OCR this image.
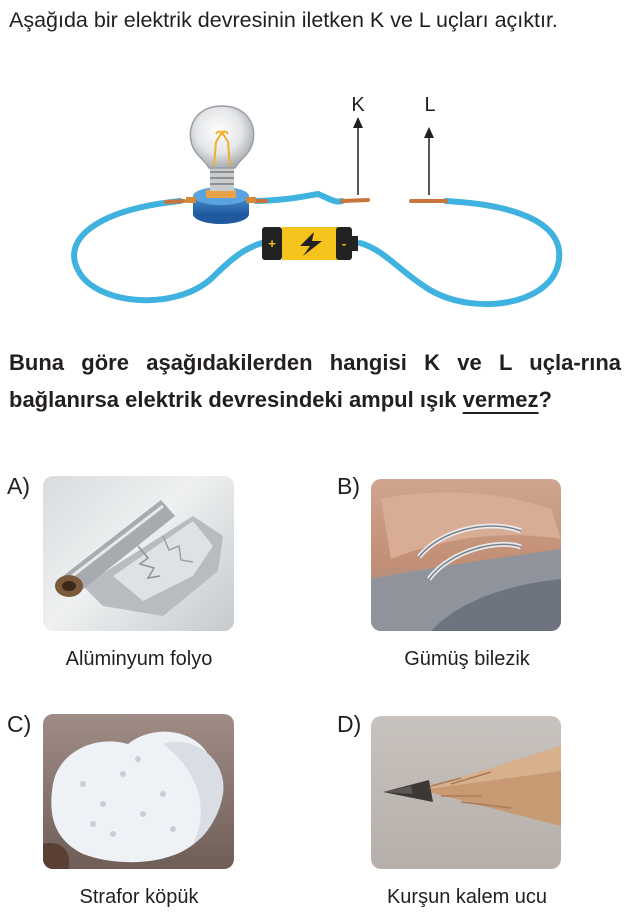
Aşağıda bir elektrik devresinin iletken K ve L uçları açıktır.
+	-
K	L
Buna göre aşağıdakilerden hangisi K ve L uçla-rına bağlanırsa elektrik devresindeki ampul ışık vermez?
A)
Alüminyum folyo
B)
Gümüş bilezik
C)
Strafor köpük
D)
Kurşun kalem ucu
